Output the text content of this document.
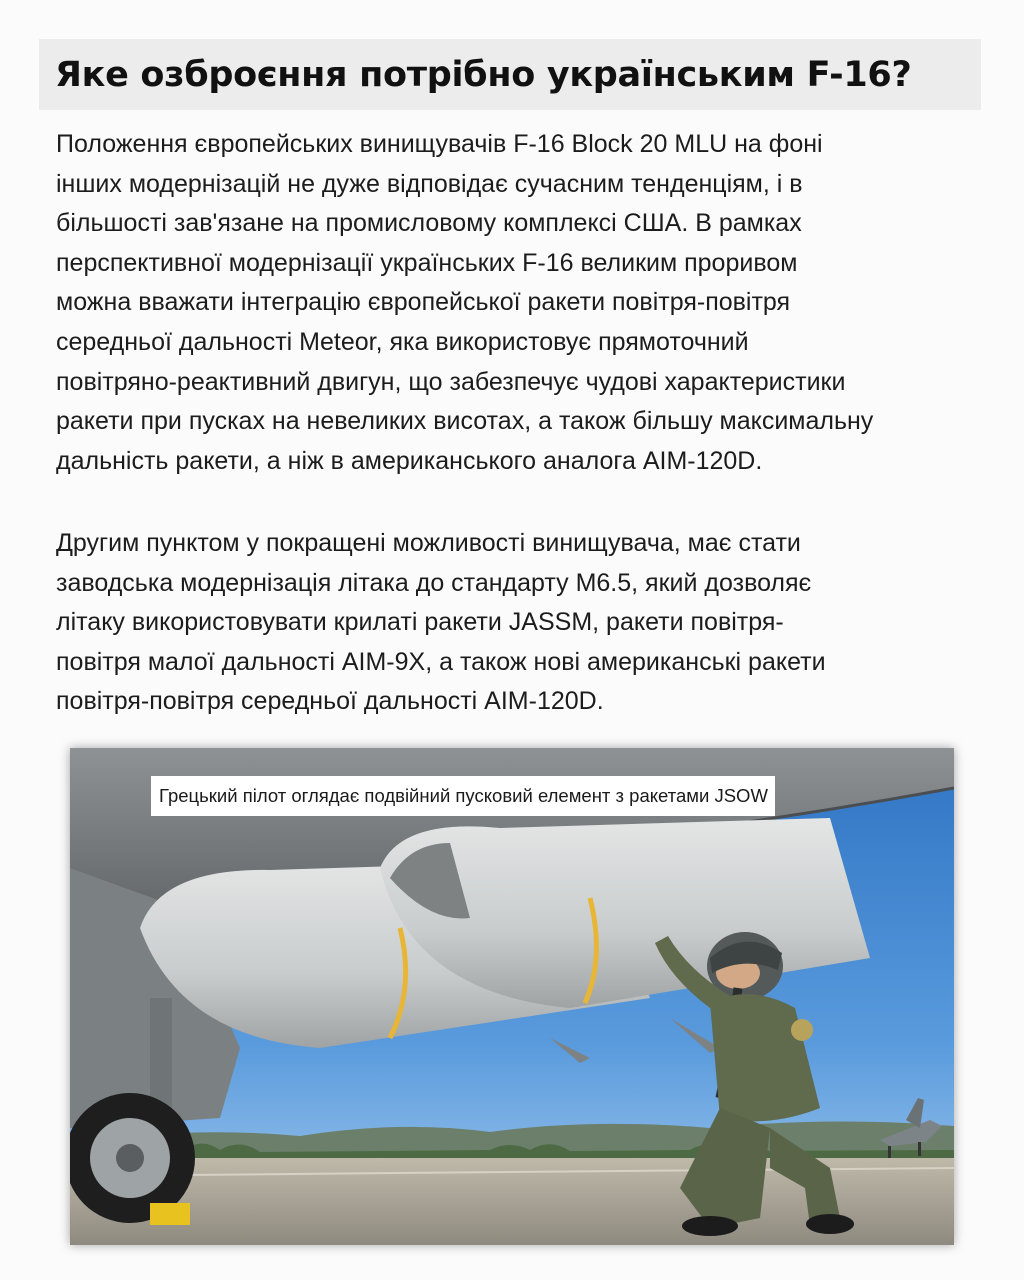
Яке озброєння потрібно українським F-16?

Положення європейських винищувачів F-16 Block 20 MLU на фоні
інших модернізацій не дуже відповідає сучасним тенденціям, і в
більшості зав'язане на промисловому комплексі США. В рамках
перспективної модернізації українських F-16 великим проривом
можна вважати інтеграцію європейської ракети повітря-повітря
середньої дальності Meteor, яка використовує прямоточний
повітряно-реактивний двигун, що забезпечує чудові характеристики
ракети при пусках на невеликих висотах, а також більшу максимальну
дальність ракети, а ніж в американського аналога AIM-120D.

Другим пунктом у покращені можливості винищувача, має стати
заводська модернізація літака до стандарту M6.5, який дозволяє
літаку використовувати крилаті ракети JASSM, ракети повітря-
повітря малої дальності AIM-9X, а також нові американські ракети
повітря-повітря середньої дальності AIM-120D.

Грецький пілот оглядає подвійний пусковий елемент з ракетами JSOW
